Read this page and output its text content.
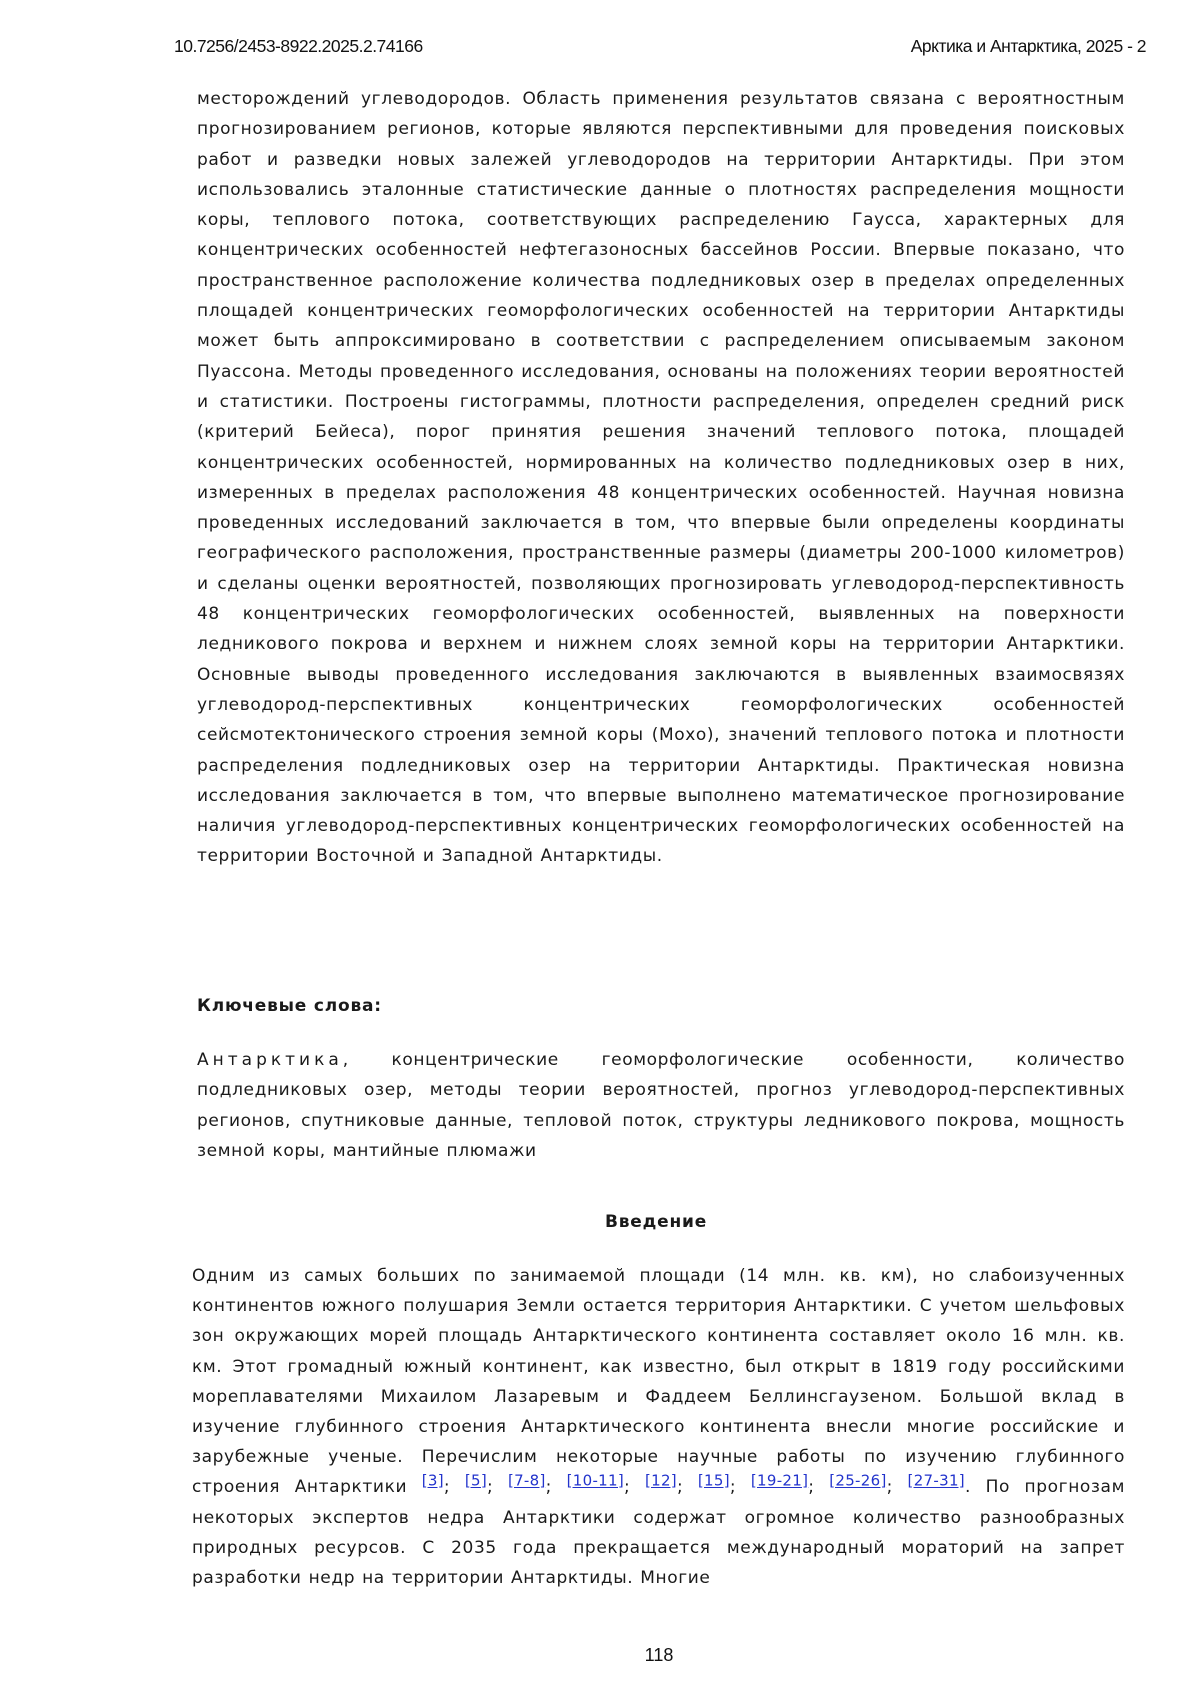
10.7256/2453-8922.2025.2.74166	Арктика и Антарктика, 2025 - 2
месторождений углеводородов. Область применения результатов связана с вероятностным прогнозированием регионов, которые являются перспективными для проведения поисковых работ и разведки новых залежей углеводородов на территории Антарктиды. При этом использовались эталонные статистические данные о плотностях распределения мощности коры, теплового потока, соответствующих распределению Гаусса, характерных для концентрических особенностей нефтегазоносных бассейнов России. Впервые показано, что пространственное расположение количества подледниковых озер в пределах определенных площадей концентрических геоморфологических особенностей на территории Антарктиды может быть аппроксимировано в соответствии с распределением описываемым законом Пуассона. Методы проведенного исследования, основаны на положениях теории вероятностей и статистики. Построены гистограммы, плотности распределения, определен средний риск (критерий Бейеса), порог принятия решения значений теплового потока, площадей концентрических особенностей, нормированных на количество подледниковых озер в них, измеренных в пределах расположения 48 концентрических особенностей. Научная новизна проведенных исследований заключается в том, что впервые были определены координаты географического расположения, пространственные размеры (диаметры 200-1000 километров) и сделаны оценки вероятностей, позволяющих прогнозировать углеводород-перспективность 48 концентрических геоморфологических особенностей, выявленных на поверхности ледникового покрова и верхнем и нижнем слоях земной коры на территории Антарктики. Основные выводы проведенного исследования заключаются в выявленных взаимосвязях углеводород-перспективных концентрических геоморфологических особенностей сейсмотектонического строения земной коры (Мохо), значений теплового потока и плотности распределения подледниковых озер на территории Антарктиды. Практическая новизна исследования заключается в том, что впервые выполнено математическое прогнозирование наличия углеводород-перспективных концентрических геоморфологических особенностей на территории Восточной и Западной Антарктиды.
Ключевые слова:
Антарктика, концентрические геоморфологические особенности, количество подледниковых озер, методы теории вероятностей, прогноз углеводород-перспективных регионов, спутниковые данные, тепловой поток, структуры ледникового покрова, мощность земной коры, мантийные плюмажи
Введение
Одним из самых больших по занимаемой площади (14 млн. кв. км), но слабоизученных континентов южного полушария Земли остается территория Антарктики. С учетом шельфовых зон окружающих морей площадь Антарктического континента составляет около 16 млн. кв. км. Этот громадный южный континент, как известно, был открыт в 1819 году российскими мореплавателями Михаилом Лазаревым и Фаддеем Беллинсгаузеном. Большой вклад в изучение глубинного строения Антарктического континента внесли многие российские и зарубежные ученые. Перечислим некоторые научные работы по изучению глубинного строения Антарктики [3]; [5]; [7-8]; [10-11]; [12]; [15]; [19-21]; [25-26]; [27-31]. По прогнозам некоторых экспертов недра Антарктики содержат огромное количество разнообразных природных ресурсов. С 2035 года прекращается международный мораторий на запрет разработки недр на территории Антарктиды. Многие
118
